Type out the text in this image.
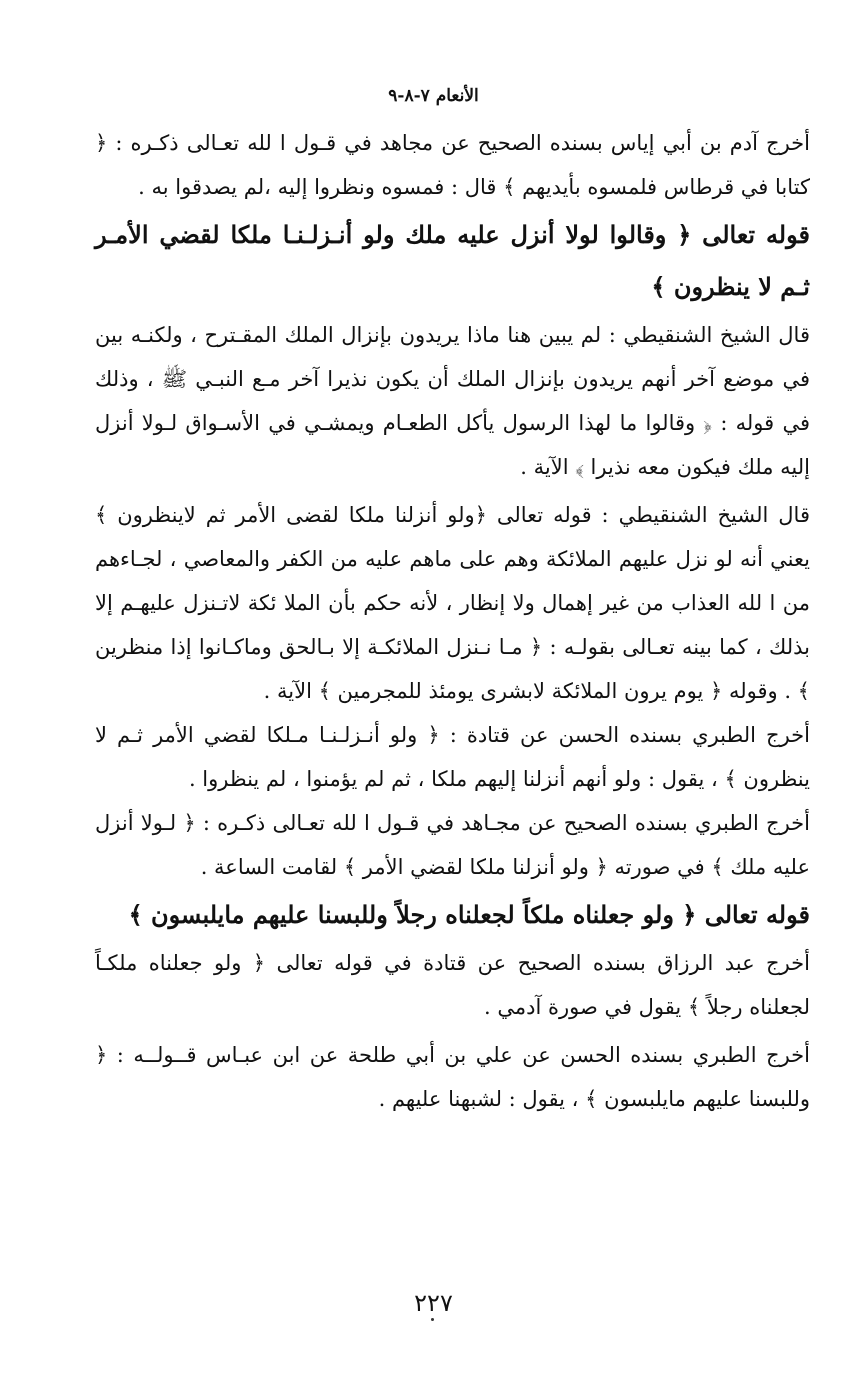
الأنعام ٧-٨-٩

أخرج آدم بن أبي إياس بسنده الصحيح عن مجاهد في قـول ا لله تعـالى ذكـره : ﴿ كتابا في قرطاس فلمسوه بأيديهم ﴾ قال : فمسوه ونظروا إليه ،لم يصدقوا به .

قوله تعالى ﴿ وقالوا لولا أنزل عليه ملك ولو أنـزلـنـا ملكا لقضي الأمـر ثـم لا ينظرون ﴾

قال الشيخ الشنقيطي : لم يبين هنا ماذا يريدون بإنزال الملك المقـترح ، ولكنـه بين في موضع آخر أنهم يريدون بإنزال الملك أن يكون نذيرا آخر مـع النبـي ﷺ ، وذلك في قوله : ﴿ وقالوا ما لهذا الرسول يأكل الطعـام ويمشـي في الأسـواق لـولا أنزل إليه ملك فيكون معه نذيرا ﴾ الآية .

قال الشيخ الشنقيطي : قوله تعالى ﴿ولو أنزلنا ملكا لقضى الأمر ثم لاينظرون ﴾ يعني أنه لو نزل عليهم الملائكة وهم على ماهم عليه من الكفر والمعاصي ، لجـاءهم من ا لله العذاب من غير إهمال ولا إنظار ، لأنه حكم بأن الملا ئكة لاتـنزل عليهـم إلا بذلك ، كما بينه تعـالى بقولـه : ﴿ مـا نـنزل الملائكـة إلا بـالحق وماكـانوا إذا منظرين ﴾ . وقوله ﴿ يوم يرون الملائكة لابشرى يومئذ للمجرمين ﴾ الآية .

أخرج الطبري بسنده الحسن عن قتادة : ﴿ ولو أنـزلـنـا مـلكا لقضي الأمر ثـم لا ينظرون ﴾ ، يقول : ولو أنهم أنزلنا إليهم ملكا ، ثم لم يؤمنوا ، لم ينظروا .

أخرج الطبري بسنده الصحيح عن مجـاهد في قـول ا لله تعـالى ذكـره : ﴿ لـولا أنزل عليه ملك ﴾ في صورته ﴿ ولو أنزلنا ملكا لقضي الأمر ﴾ لقامت الساعة .

قوله تعالى ﴿ ولو جعلناه ملكاً لجعلناه رجلاً وللبسنا عليهم مايلبسون ﴾

أخرج عبد الرزاق بسنده الصحيح عن قتادة في قوله تعالى ﴿ ولو جعلناه ملكـاً لجعلناه رجلاً ﴾ يقول في صورة آدمي .

أخرج الطبري بسنده الحسن عن علي بن أبي طلحة عن ابن عبـاس قــولــه : ﴿ وللبسنا عليهم مايلبسون ﴾ ، يقول : لشبهنا عليهم .

٢٢٧
